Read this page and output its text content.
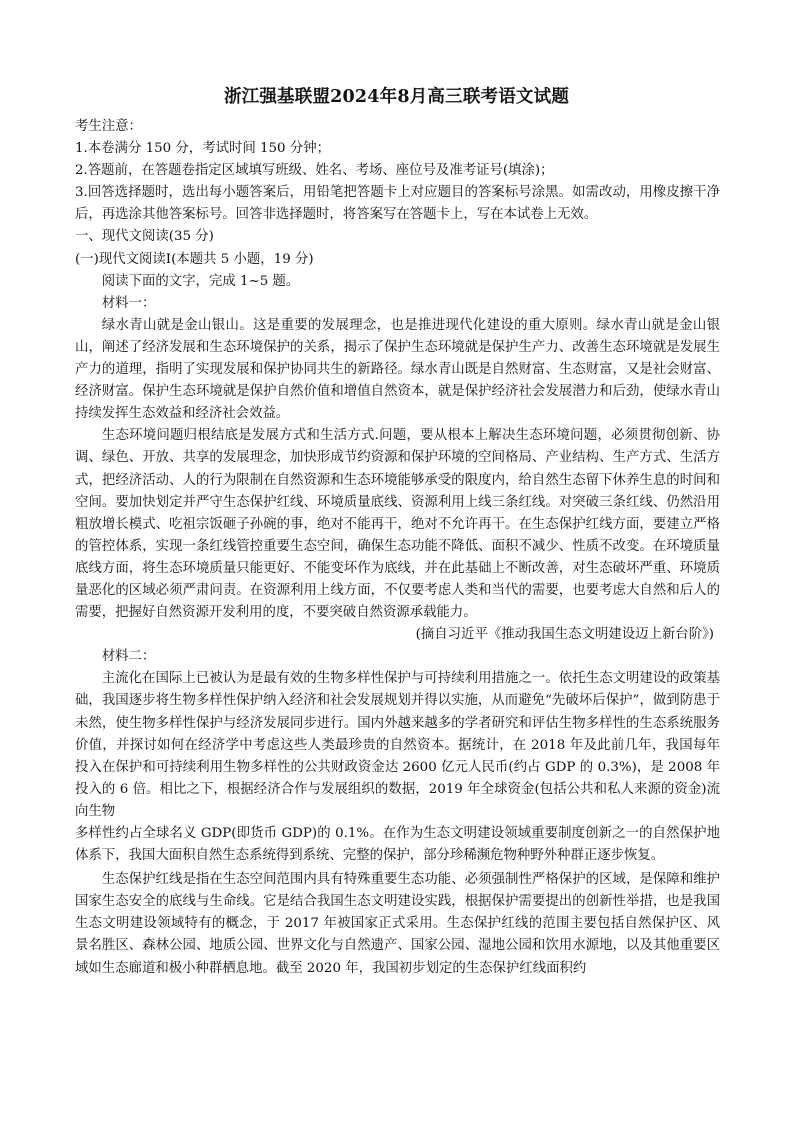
浙江强基联盟2024年8月高三联考语文试题

考生注意：

1.本卷满分 150 分，考试时间 150 分钟；

2.答题前，在答题卷指定区域填写班级、姓名、考场、座位号及准考证号(填涂)；

3.回答选择题时，选出每小题答案后，用铅笔把答题卡上对应题目的答案标号涂黑。如需改动，用橡皮擦干净后，再选涂其他答案标号。回答非选择题时，将答案写在答题卡上，写在本试卷上无效。

一、现代文阅读(35 分)

(一)现代文阅读Ⅰ(本题共 5 小题，19 分)

阅读下面的文字，完成 1~5 题。

材料一：

绿水青山就是金山银山。这是重要的发展理念，也是推进现代化建设的重大原则。绿水青山就是金山银山，阐述了经济发展和生态环境保护的关系，揭示了保护生态环境就是保护生产力、改善生态环境就是发展生产力的道理，指明了实现发展和保护协同共生的新路径。绿水青山既是自然财富、生态财富，又是社会财富、经济财富。保护生态环境就是保护自然价值和增值自然资本，就是保护经济社会发展潜力和后劲，使绿水青山持续发挥生态效益和经济社会效益。

生态环境问题归根结底是发展方式和生活方式.问题，要从根本上解决生态环境问题，必须贯彻创新、协调、绿色、开放、共享的发展理念，加快形成节约资源和保护环境的空间格局、产业结构、生产方式、生活方式，把经济活动、人的行为限制在自然资源和生态环境能够承受的限度内，给自然生态留下休养生息的时间和空间。要加快划定并严守生态保护红线、环境质量底线、资源利用上线三条红线。对突破三条红线、仍然沿用粗放增长模式、吃祖宗饭砸子孙碗的事，绝对不能再干，绝对不允许再干。在生态保护红线方面，要建立严格的管控体系，实现一条红线管控重要生态空间，确保生态功能不降低、面积不减少、性质不改变。在环境质量底线方面，将生态环境质量只能更好、不能变坏作为底线，并在此基础上不断改善，对生态破坏严重、环境质量恶化的区域必须严肃问责。在资源利用上线方面，不仅要考虑人类和当代的需要，也要考虑大自然和后人的需要，把握好自然资源开发利用的度，不要突破自然资源承载能力。

(摘自习近平《推动我国生态文明建设迈上新台阶》)

材料二：

主流化在国际上已被认为是最有效的生物多样性保护与可持续利用措施之一。依托生态文明建设的政策基础，我国逐步将生物多样性保护纳入经济和社会发展规划并得以实施，从而避免“先破坏后保护”，做到防患于未然，使生物多样性保护与经济发展同步进行。国内外越来越多的学者研究和评估生物多样性的生态系统服务价值，并探讨如何在经济学中考虑这些人类最珍贵的自然资本。据统计，在 2018 年及此前几年，我国每年投入在保护和可持续利用生物多样性的公共财政资金达 2600 亿元人民币(约占 GDP 的 0.3%)，是 2008 年投入的 6 倍。相比之下，根据经济合作与发展组织的数据，2019 年全球资金(包括公共和私人来源的资金)流向生物

多样性约占全球名义 GDP(即货币 GDP)的 0.1%。在作为生态文明建设领域重要制度创新之一的自然保护地体系下，我国大面积自然生态系统得到系统、完整的保护，部分珍稀濒危物种野外种群正逐步恢复。

生态保护红线是指在生态空间范围内具有特殊重要生态功能、必须强制性严格保护的区域，是保障和维护国家生态安全的底线与生命线。它是结合我国生态文明建设实践，根据保护需要提出的创新性举措，也是我国生态文明建设领域特有的概念，于 2017 年被国家正式采用。生态保护红线的范围主要包括自然保护区、风景名胜区、森林公园、地质公园、世界文化与自然遗产、国家公园、湿地公园和饮用水源地，以及其他重要区域如生态廊道和极小种群栖息地。截至 2020 年，我国初步划定的生态保护红线面积约
